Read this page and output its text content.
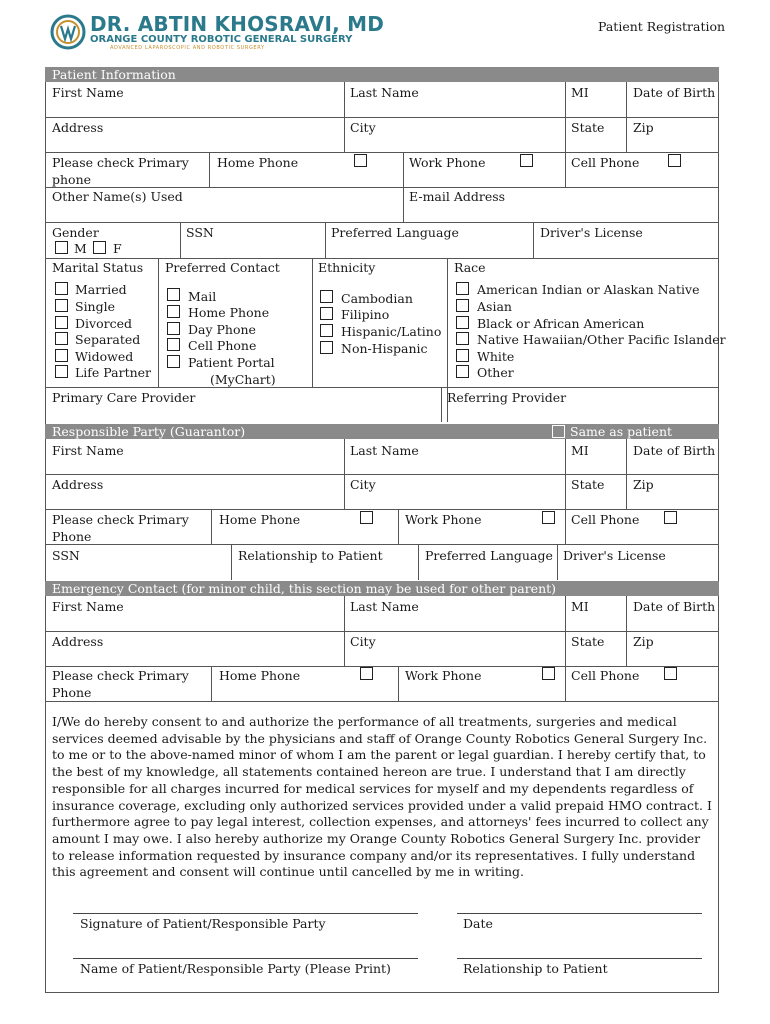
DR. ABTIN KHOSRAVI, MD
ORANGE COUNTY ROBOTIC GENERAL SURGERY
ADVANCED LAPAROSCOPIC AND ROBOTIC SURGERY
Patient Registration
Patient Information
First Name	Last Name	MI	Date of Birth
Address	City	State Zip
Please check Primary phone
Home Phone	Work Phone	Cell Phone
Other Name(s) Used	E-mail Address
Gender
M F
SSN	Preferred Language	Driver's License
Marital Status
Married
Single
Divorced
Separated
Widowed
Life Partner
Preferred Contact
Mail
Home Phone
Day Phone
Cell Phone
Patient Portal
(MyChart)
Ethnicity
Cambodian
Filipino
Hispanic/Latino
Non-Hispanic
Race
American Indian or Alaskan Native
Asian
Black or African American
Native Hawaiian/Other Pacific Islander
White
Other
Primary Care Provider	Referring Provider
Responsible Party (Guarantor)	Same as patient
First Name	Last Name	MI	Date of Birth
Address	City	State Zip
Please check Primary Phone
Home Phone	Work Phone	Cell Phone
SSN	Relationship to Patient	Preferred Language Driver's License
Emergency Contact (for minor child, this section may be used for other parent)
First Name	Last Name	MI	Date of Birth
Address	City	State Zip
Please check Primary Phone
Home Phone	Work Phone	Cell Phone
I/We do hereby consent to and authorize the performance of all treatments, surgeries and medical services deemed advisable by the physicians and staff of Orange County Robotics General Surgery Inc. to me or to the above-named minor of whom I am the parent or legal guardian. I hereby certify that, to the best of my knowledge, all statements contained hereon are true. I understand that I am directly responsible for all charges incurred for medical services for myself and my dependents regardless of insurance coverage, excluding only authorized services provided under a valid prepaid HMO contract. I furthermore agree to pay legal interest, collection expenses, and attorneys' fees incurred to collect any amount I may owe. I also hereby authorize my Orange County Robotics General Surgery Inc. provider to release information requested by insurance company and/or its representatives. I fully understand this agreement and consent will continue until cancelled by me in writing.
Signature of Patient/Responsible Party	Date
Name of Patient/Responsible Party (Please Print)	Relationship to Patient
